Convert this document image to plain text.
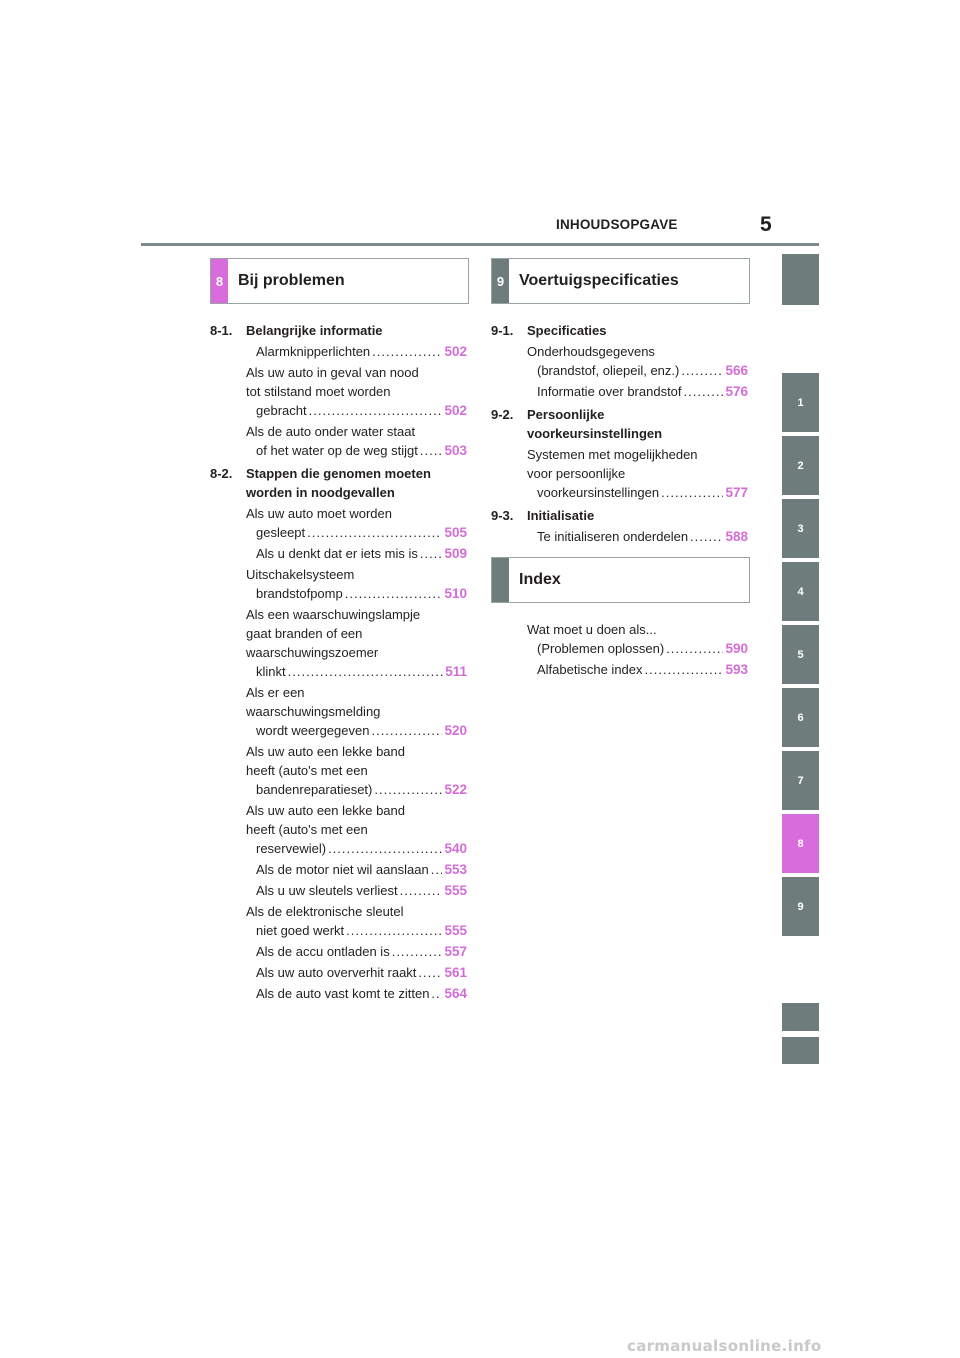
INHOUDSOPGAVE	5
8 Bij problemen	9 Voertuigspecificaties
Index
8-1.	Belangrijke informatie
Alarmknipperlichten .....	502
Als uw auto in geval van nood
tot stilstand moet worden
gebracht .....	502
Als de auto onder water staat
of het water op de weg stijgt ..... 503
8-2.	Stappen die genomen moeten
worden in noodgevallen
Als uw auto moet worden
gesleept .....	505
Als u denkt dat er iets mis is ..... 509
Uitschakelsysteem
brandstofpomp .....	510
Als een waarschuwingslampje
gaat branden of een
waarschuwingszoemer
klinkt .....	511
Als er een
waarschuwingsmelding
wordt weergegeven .....	520
Als uw auto een lekke band
heeft (auto's met een
bandenreparatieset) .....	522
Als uw auto een lekke band
heeft (auto's met een
reservewiel) .....	540
Als de motor niet wil aanslaan ..... 553
Als u uw sleutels verliest .....	555
Als de elektronische sleutel
niet goed werkt .....	555
Als de accu ontladen is .....	557
Als uw auto oververhit raakt ..... 561
Als de auto vast komt te zitten ..... 564
9-1.	Specificaties
Onderhoudsgegevens
(brandstof, oliepeil, enz.) .....	566
Informatie over brandstof .....	576
9-2.	Persoonlijke
voorkeursinstellingen
Systemen met mogelijkheden
voor persoonlijke
voorkeursinstellingen .....	577
9-3.	Initialisatie
Te initialiseren onderdelen .....	588
Wat moet u doen als...
(Problemen oplossen) .....	590
Alfabetische index .....	593
1
2
3
4
5
6
7
8
9
carmanualsonline.info
